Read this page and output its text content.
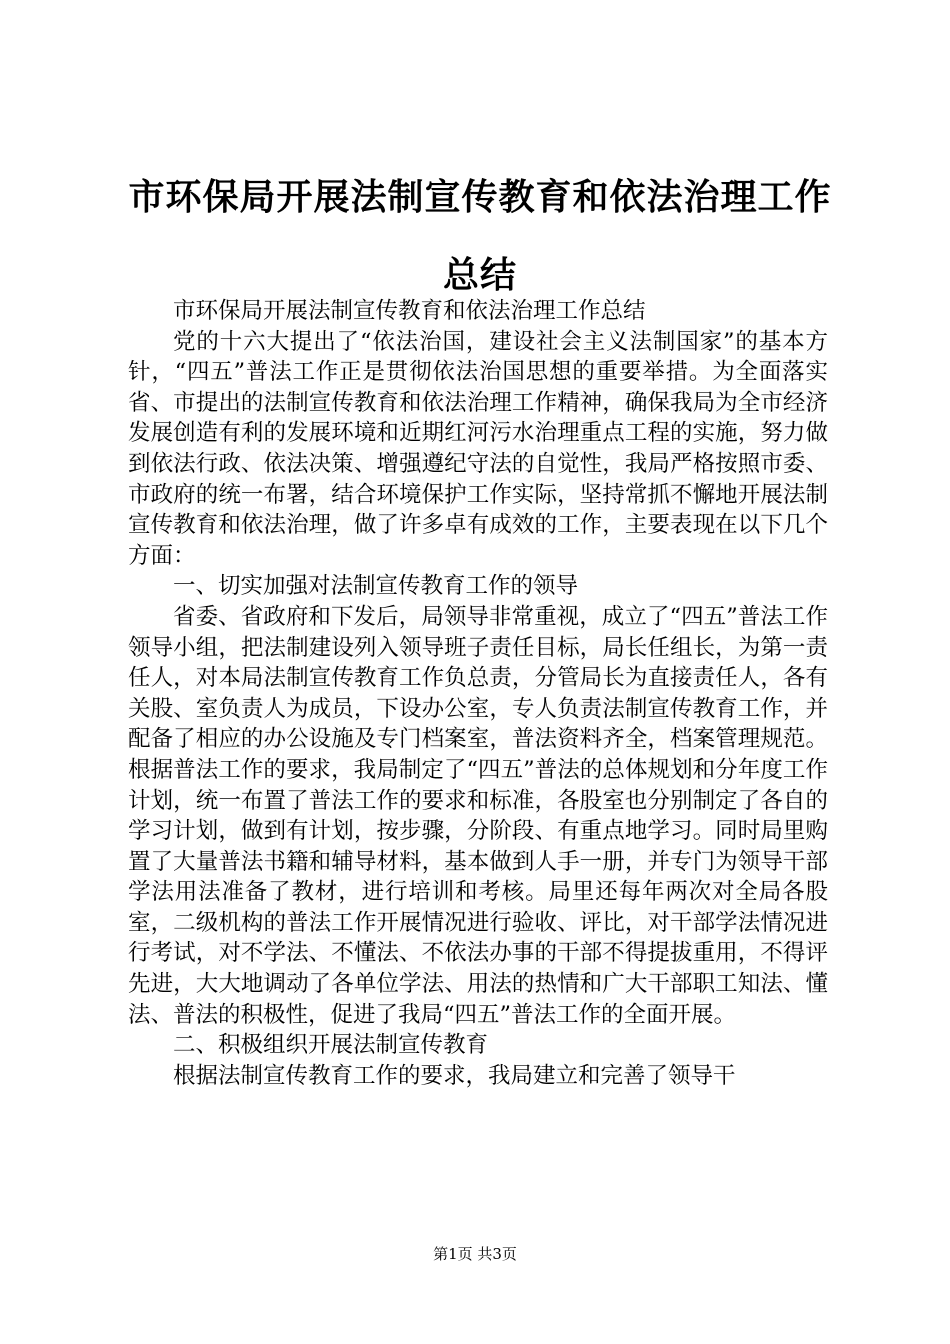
市环保局开展法制宣传教育和依法治理工作总结

市环保局开展法制宣传教育和依法治理工作总结

党的十六大提出了“依法治国，建设社会主义法制国家”的基本方针，“四五”普法工作正是贯彻依法治国思想的重要举措。为全面落实省、市提出的法制宣传教育和依法治理工作精神，确保我局为全市经济发展创造有利的发展环境和近期红河污水治理重点工程的实施，努力做到依法行政、依法决策、增强遵纪守法的自觉性，我局严格按照市委、市政府的统一布署，结合环境保护工作实际，坚持常抓不懈地开展法制宣传教育和依法治理，做了许多卓有成效的工作，主要表现在以下几个方面：

一、切实加强对法制宣传教育工作的领导

省委、省政府和下发后，局领导非常重视，成立了“四五”普法工作领导小组，把法制建设列入领导班子责任目标，局长任组长，为第一责任人，对本局法制宣传教育工作负总责，分管局长为直接责任人，各有关股、室负责人为成员，下设办公室，专人负责法制宣传教育工作，并配备了相应的办公设施及专门档案室，普法资料齐全，档案管理规范。根据普法工作的要求，我局制定了“四五”普法的总体规划和分年度工作计划，统一布置了普法工作的要求和标准，各股室也分别制定了各自的学习计划，做到有计划，按步骤，分阶段、有重点地学习。同时局里购置了大量普法书籍和辅导材料，基本做到人手一册，并专门为领导干部学法用法准备了教材，进行培训和考核。局里还每年两次对全局各股室，二级机构的普法工作开展情况进行验收、评比，对干部学法情况进行考试，对不学法、不懂法、不依法办事的干部不得提拔重用，不得评先进，大大地调动了各单位学法、用法的热情和广大干部职工知法、懂法、普法的积极性，促进了我局“四五”普法工作的全面开展。

二、积极组织开展法制宣传教育

根据法制宣传教育工作的要求，我局建立和完善了领导干

第1页 共3页
